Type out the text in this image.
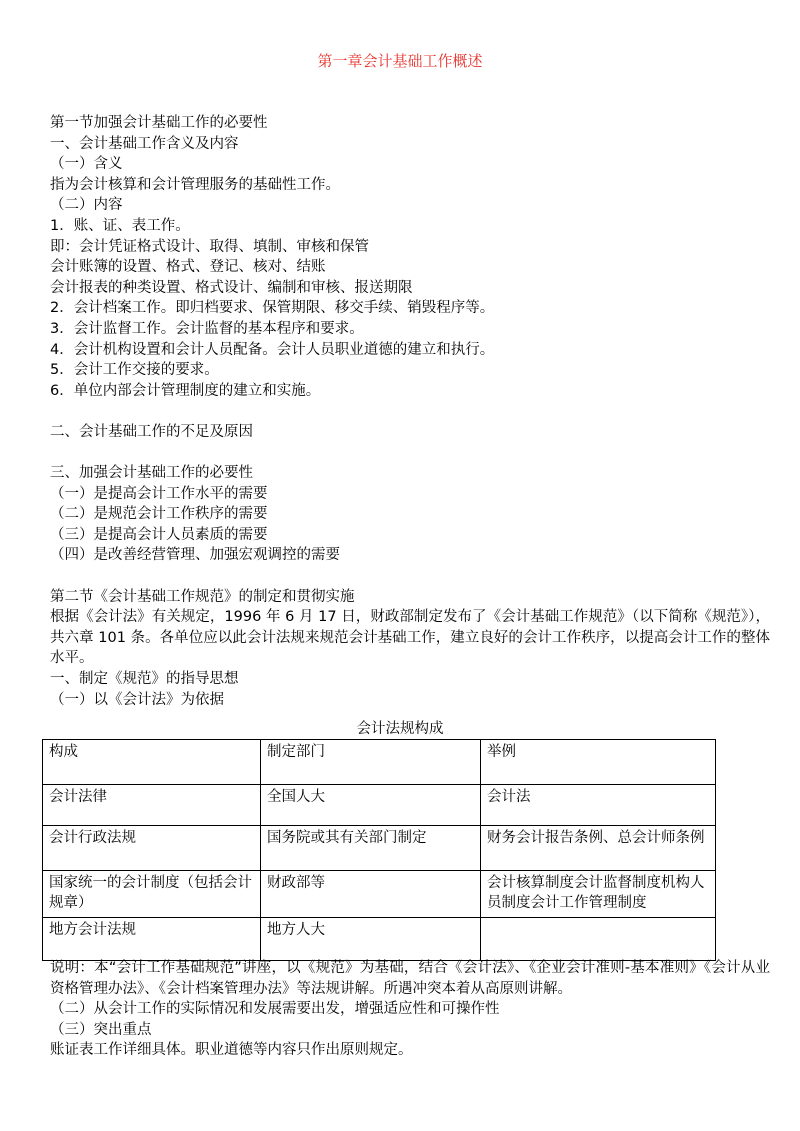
第一章会计基础工作概述
第一节加强会计基础工作的必要性
一、会计基础工作含义及内容
（一）含义
指为会计核算和会计管理服务的基础性工作。
（二）内容
1．账、证、表工作。
即：会计凭证格式设计、取得、填制、审核和保管
会计账簿的设置、格式、登记、核对、结账
会计报表的种类设置、格式设计、编制和审核、报送期限
2．会计档案工作。即归档要求、保管期限、移交手续、销毁程序等。
3．会计监督工作。会计监督的基本程序和要求。
4．会计机构设置和会计人员配备。会计人员职业道德的建立和执行。
5．会计工作交接的要求。
6．单位内部会计管理制度的建立和实施。
二、会计基础工作的不足及原因
三、加强会计基础工作的必要性
（一）是提高会计工作水平的需要
（二）是规范会计工作秩序的需要
（三）是提高会计人员素质的需要
（四）是改善经营管理、加强宏观调控的需要
第二节《会计基础工作规范》的制定和贯彻实施
根据《会计法》有关规定，1996 年 6 月 17 日，财政部制定发布了《会计基础工作规范》（以下简称《规范》），共六章 101 条。各单位应以此会计法规来规范会计基础工作，建立良好的会计工作秩序，以提高会计工作的整体水平。
一、制定《规范》的指导思想
（一）以《会计法》为依据
会计法规构成
构成	制定部门	举例
会计法律	全国人大	会计法
会计行政法规	国务院或其有关部门制定	财务会计报告条例、总会计师条例
国家统一的会计制度（包括会计规章）	财政部等	会计核算制度会计监督制度机构人员制度会计工作管理制度
地方会计法规	地方人大	
说明：本“会计工作基础规范”讲座，以《规范》为基础，结合《会计法》、《企业会计准则-基本准则》《会计从业资格管理办法》、《会计档案管理办法》等法规讲解。所遇冲突本着从高原则讲解。
（二）从会计工作的实际情况和发展需要出发，增强适应性和可操作性
（三）突出重点
账证表工作详细具体。职业道德等内容只作出原则规定。
